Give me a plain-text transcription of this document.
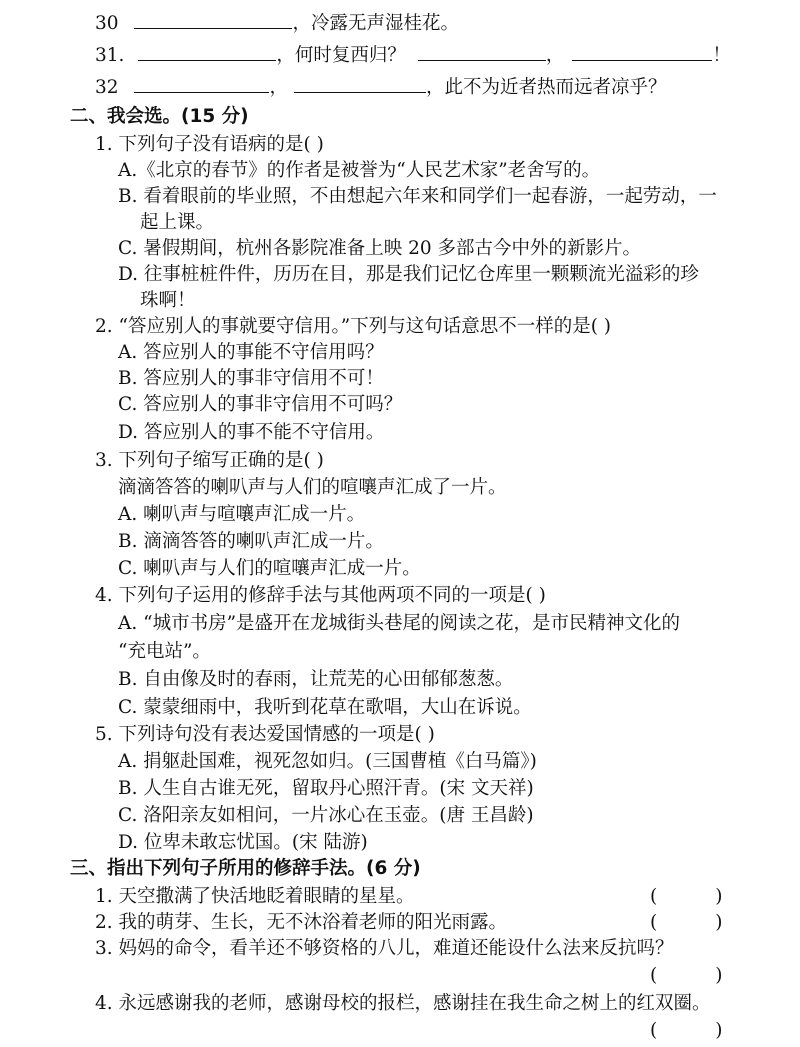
30	，冷露无声湿桂花。
31.	，何时复西归？	，	！
32	，	，此不为近者热而远者凉乎？
二、我会选。(15 分)
1. 下列句子没有语病的是( )
A.《北京的春节》的作者是被誉为“人民艺术家”老舍写的。
B. 看着眼前的毕业照，不由想起六年来和同学们一起春游，一起劳动，一
起上课。
C. 暑假期间，杭州各影院准备上映 20 多部古今中外的新影片。
D. 往事桩桩件件，历历在目，那是我们记忆仓库里一颗颗流光溢彩的珍
珠啊！
2. “答应别人的事就要守信用。”下列与这句话意思不一样的是( )
A. 答应别人的事能不守信用吗？
B. 答应别人的事非守信用不可！
C. 答应别人的事非守信用不可吗？
D. 答应别人的事不能不守信用。
3. 下列句子缩写正确的是( )
滴滴答答的喇叭声与人们的喧嚷声汇成了一片。
A. 喇叭声与喧嚷声汇成一片。
B. 滴滴答答的喇叭声汇成一片。
C. 喇叭声与人们的喧嚷声汇成一片。
4. 下列句子运用的修辞手法与其他两项不同的一项是( )
A. “城市书房”是盛开在龙城街头巷尾的阅读之花，是市民精神文化的
“充电站”。
B. 自由像及时的春雨，让荒芜的心田郁郁葱葱。
C. 蒙蒙细雨中，我听到花草在歌唱，大山在诉说。
5. 下列诗句没有表达爱国情感的一项是( )
A. 捐躯赴国难，视死忽如归。(三国曹植《白马篇》)
B. 人生自古谁无死，留取丹心照汗青。(宋 文天祥)
C. 洛阳亲友如相问，一片冰心在玉壶。(唐 王昌龄)
D. 位卑未敢忘忧国。(宋 陆游)
三、指出下列句子所用的修辞手法。(6 分)
1. 天空撒满了快活地眨着眼睛的星星。	(	)
2. 我的萌芽、生长，无不沐浴着老师的阳光雨露。	(	)
3. 妈妈的命令，看羊还不够资格的八儿，难道还能设什么法来反抗吗？
(	)
4. 永远感谢我的老师，感谢母校的报栏，感谢挂在我生命之树上的红双圈。
(	)
